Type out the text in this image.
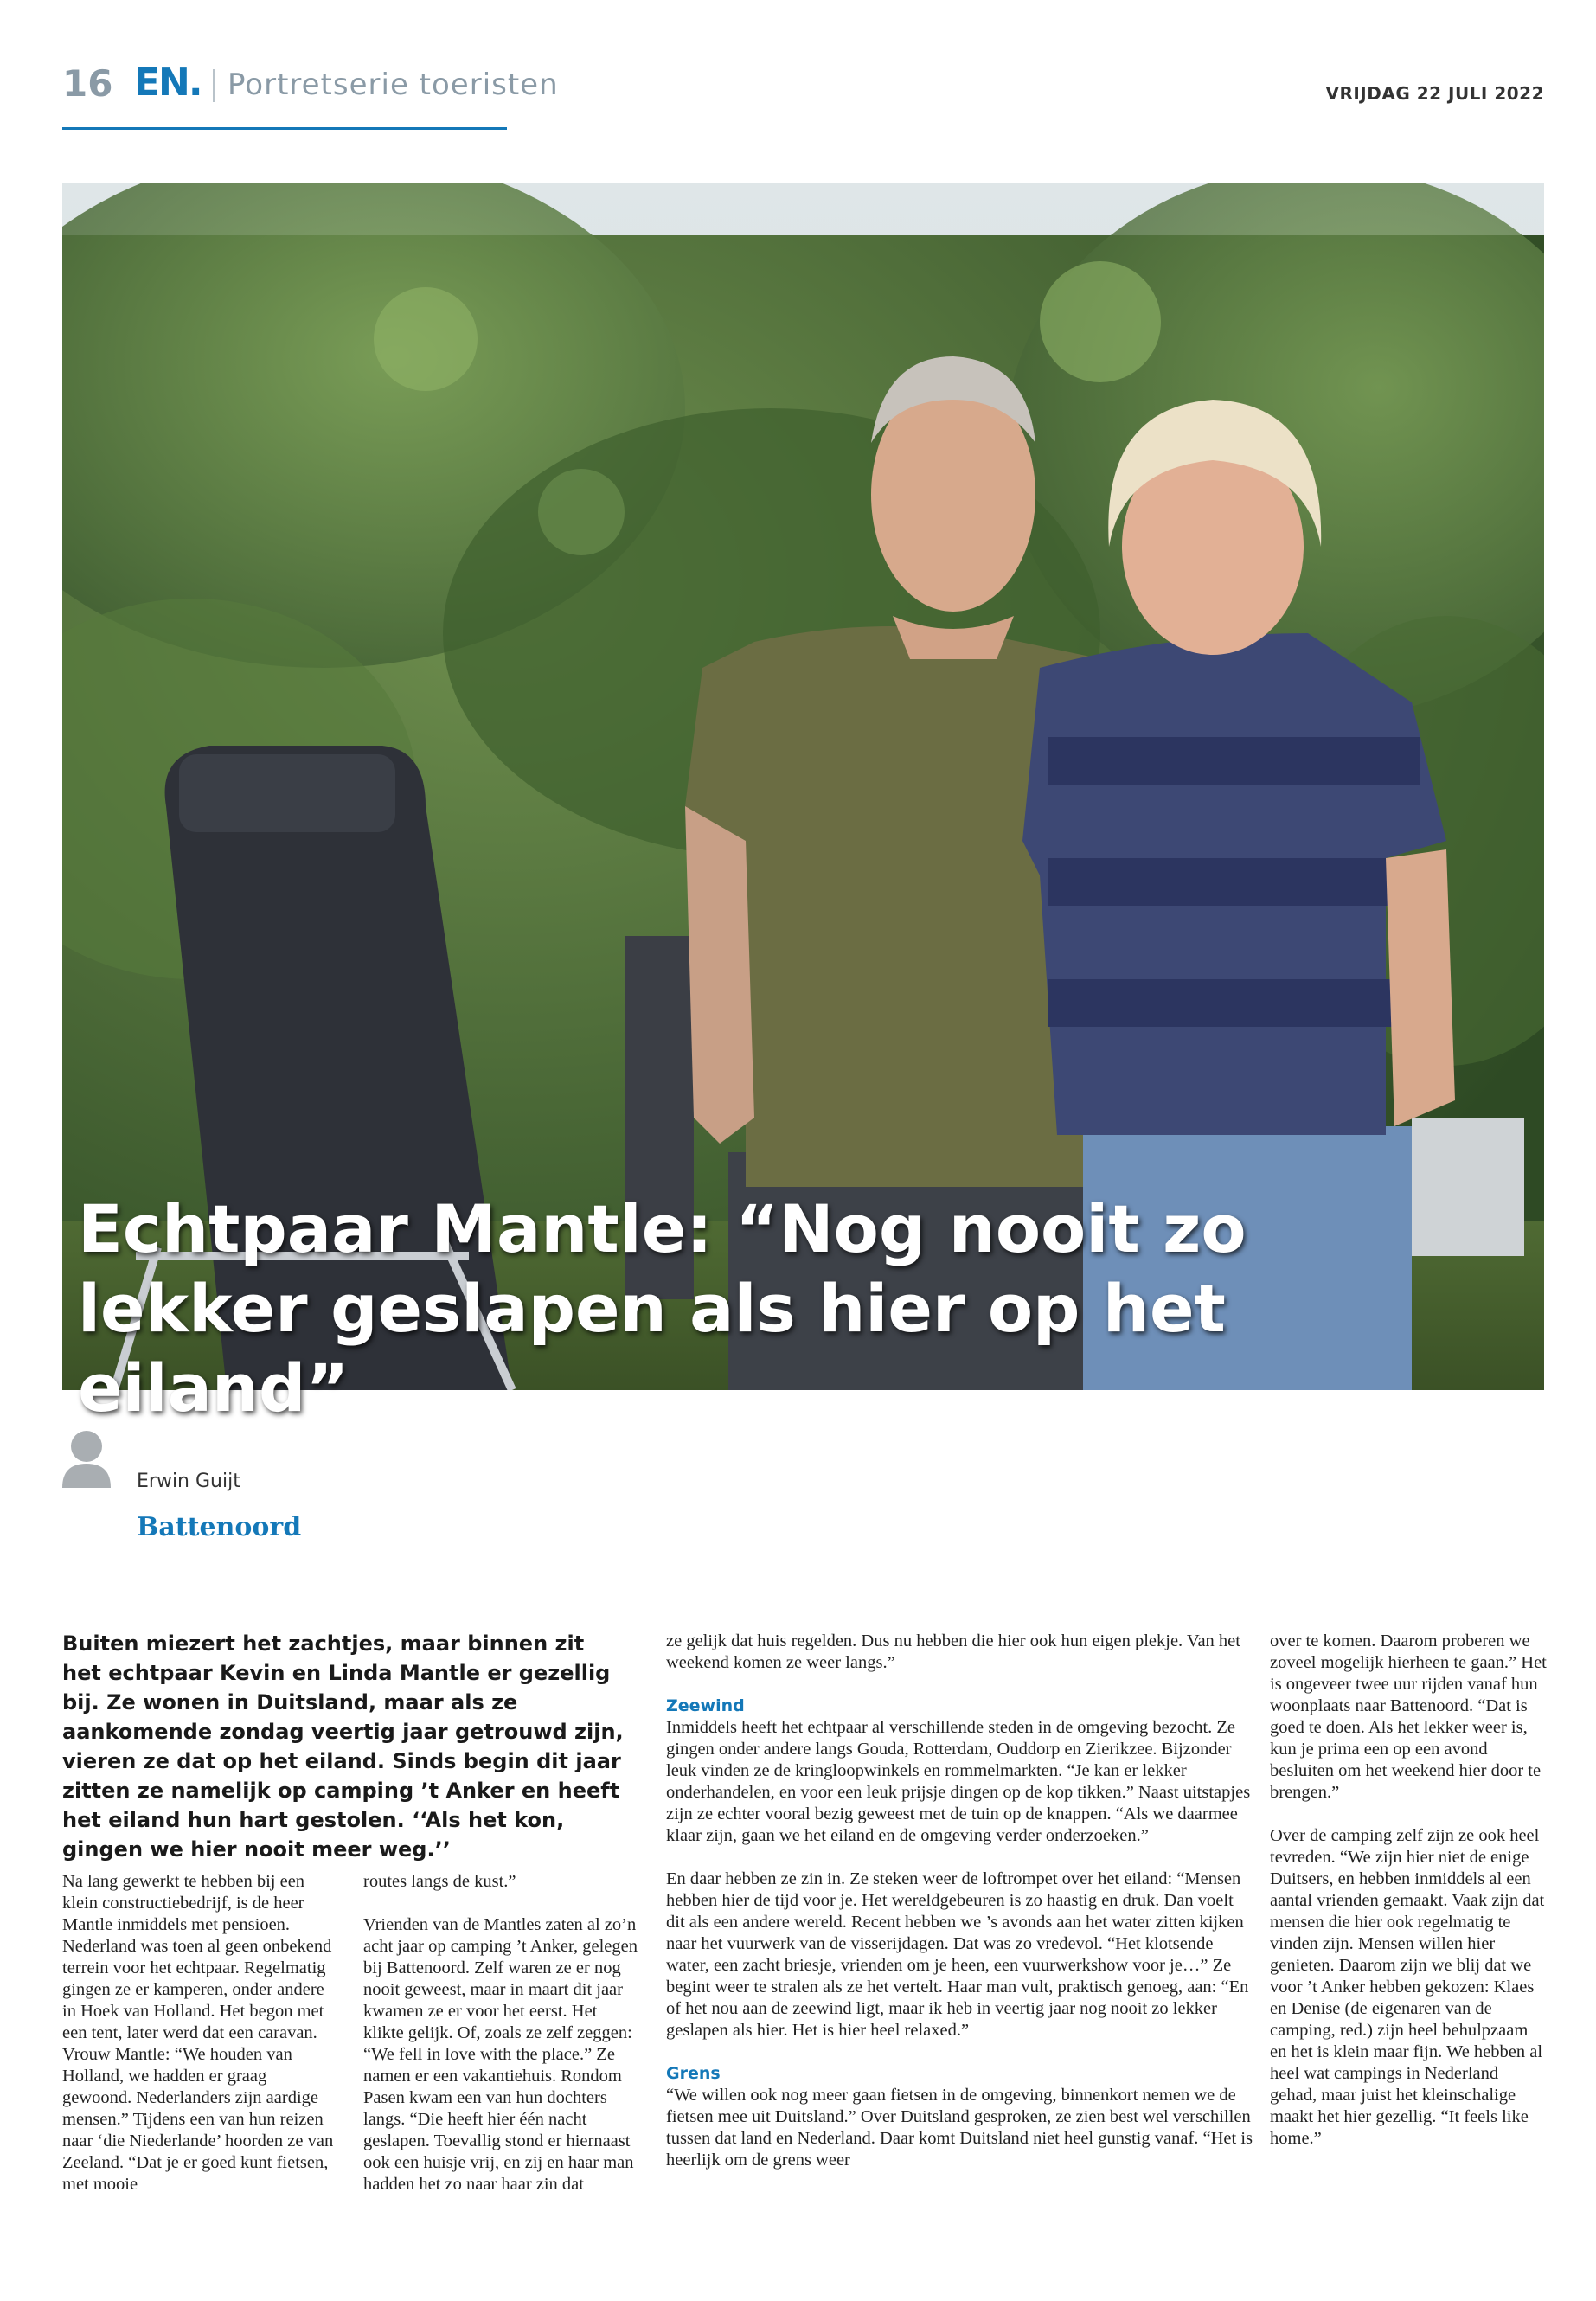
16 EN. Portretserie toeristen	VRIJDAG 22 JULI 2022
Echtpaar Mantle: “Nog nooit zo lekker geslapen als hier op het eiland”
Erwin Guijt
Battenoord
Buiten miezert het zachtjes, maar binnen zit het echtpaar Kevin en Linda Mantle er gezellig bij. Ze wonen in Duitsland, maar als ze aankomende zondag veertig jaar getrouwd zijn, vieren ze dat op het eiland. Sinds begin dit jaar zitten ze namelijk op camping ’t Anker en heeft het eiland hun hart gestolen. ‘‘Als het kon, gingen we hier nooit meer weg.’’

Na lang gewerkt te hebben bij een klein constructiebedrijf, is de heer Mantle inmiddels met pensioen. Nederland was toen al geen onbekend terrein voor het echtpaar. Regelmatig gingen ze er kamperen, onder andere in Hoek van Holland. Het begon met een tent, later werd dat een caravan. Vrouw Mantle: “We houden van Holland, we hadden er graag gewoond. Nederlanders zijn aardige mensen.” Tijdens een van hun reizen naar ‘die Niederlande’ hoorden ze van Zeeland. “Dat je er goed kunt fietsen, met mooie

routes langs de kust.”

Vrienden van de Mantles zaten al zo’n acht jaar op camping ’t Anker, gelegen bij Battenoord. Zelf waren ze er nog nooit geweest, maar in maart dit jaar kwamen ze er voor het eerst. Het klikte gelijk. Of, zoals ze zelf zeggen: “We fell in love with the place.” Ze namen er een vakantiehuis. Rondom Pasen kwam een van hun dochters langs. “Die heeft hier één nacht geslapen. Toevallig stond er hiernaast ook een huisje vrij, en zij en haar man hadden het zo naar haar zin dat

ze gelijk dat huis regelden. Dus nu hebben die hier ook hun eigen plekje. Van het weekend komen ze weer langs.”

Zeewind

Inmiddels heeft het echtpaar al verschillende steden in de omgeving bezocht. Ze gingen onder andere langs Gouda, Rotterdam, Ouddorp en Zierikzee. Bijzonder leuk vinden ze de kringloopwinkels en rommelmarkten. “Je kan er lekker onderhandelen, en voor een leuk prijsje dingen op de kop tikken.” Naast uitstapjes zijn ze echter vooral bezig geweest met de tuin op de knappen. “Als we daarmee klaar zijn, gaan we het eiland en de omgeving verder onderzoeken.”

En daar hebben ze zin in. Ze steken weer de loftrompet over het eiland: “Mensen hebben hier de tijd voor je. Het wereldgebeuren is zo haastig en druk. Dan voelt dit als een andere wereld. Recent hebben we ’s avonds aan het water zitten kijken naar het vuurwerk van de visserijdagen. Dat was zo vredevol. “Het klotsende water, een zacht briesje, vrienden om je heen, een vuurwerkshow voor je…” Ze begint weer te stralen als ze het vertelt. Haar man vult, praktisch genoeg, aan: “En of het nou aan de zeewind ligt, maar ik heb in veertig jaar nog nooit zo lekker geslapen als hier. Het is hier heel relaxed.”

Grens

“We willen ook nog meer gaan fietsen in de omgeving, binnenkort nemen we de fietsen mee uit Duitsland.” Over Duitsland gesproken, ze zien best wel verschillen tussen dat land en Nederland. Daar komt Duitsland niet heel gunstig vanaf. “Het is heerlijk om de grens weer

over te komen. Daarom proberen we zoveel mogelijk hierheen te gaan.” Het is ongeveer twee uur rijden vanaf hun woonplaats naar Battenoord. “Dat is goed te doen. Als het lekker weer is, kun je prima een op een avond besluiten om het weekend hier door te brengen.”

Over de camping zelf zijn ze ook heel tevreden. “We zijn hier niet de enige Duitsers, en hebben inmiddels al een aantal vrienden gemaakt. Vaak zijn dat mensen die hier ook regelmatig te vinden zijn. Mensen willen hier genieten. Daarom zijn we blij dat we voor ’t Anker hebben gekozen: Klaes en Denise (de eigenaren van de camping, red.) zijn heel behulpzaam en het is klein maar fijn. We hebben al heel wat campings in Nederland gehad, maar juist het kleinschalige maakt het hier gezellig. “It feels like home.”
